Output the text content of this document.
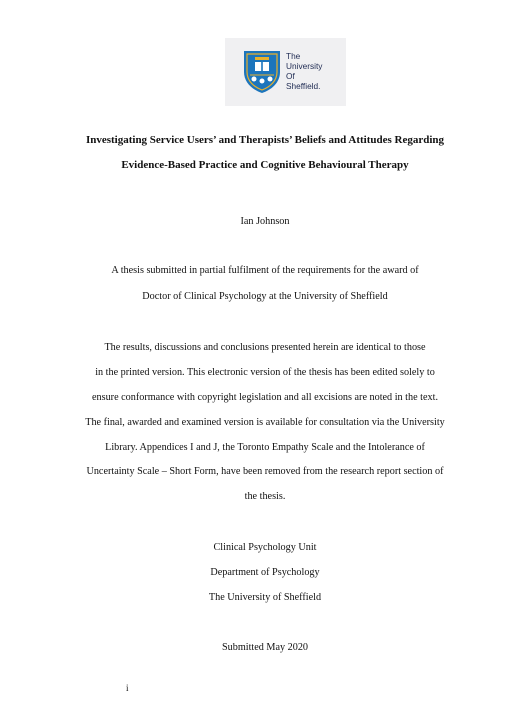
The
University
Of
Sheffield.
Investigating Service Users’ and Therapists’ Beliefs and Attitudes Regarding
Evidence-Based Practice and Cognitive Behavioural Therapy
Ian Johnson
A thesis submitted in partial fulfilment of the requirements for the award of
Doctor of Clinical Psychology at the University of Sheffield
The results, discussions and conclusions presented herein are identical to those
in the printed version. This electronic version of the thesis has been edited solely to
ensure conformance with copyright legislation and all excisions are noted in the text.
The final, awarded and examined version is available for consultation via the University
Library. Appendices I and J, the Toronto Empathy Scale and the Intolerance of
Uncertainty Scale – Short Form, have been removed from the research report section of
the thesis.
Clinical Psychology Unit
Department of Psychology
The University of Sheffield
Submitted May 2020
i
